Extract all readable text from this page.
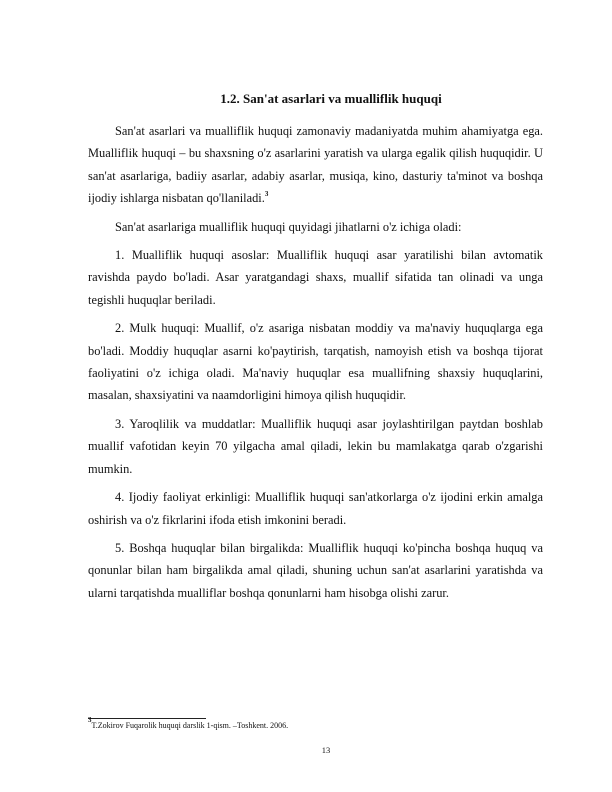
1.2. San'at asarlari va mualliflik huquqi

San'at asarlari va mualliflik huquqi zamonaviy madaniyatda muhim ahamiyatga ega. Mualliflik huquqi – bu shaxsning o'z asarlarini yaratish va ularga egalik qilish huquqidir. U san'at asarlariga, badiiy asarlar, adabiy asarlar, musiqa, kino, dasturiy ta'minot va boshqa ijodiy ishlarga nisbatan qo'llaniladi.$^3$

San'at asarlariga mualliflik huquqi quyidagi jihatlarni o'z ichiga oladi:

1. Mualliflik huquqi asoslar: Mualliflik huquqi asar yaratilishi bilan avtomatik ravishda paydo bo'ladi. Asar yaratgandagi shaxs, muallif sifatida tan olinadi va unga tegishli huquqlar beriladi.

2. Mulk huquqi: Muallif, o'z asariga nisbatan moddiy va ma'naviy huquqlarga ega bo'ladi. Moddiy huquqlar asarni ko'paytirish, tarqatish, namoyish etish va boshqa tijorat faoliyatini o'z ichiga oladi. Ma'naviy huquqlar esa muallifning shaxsiy huquqlarini, masalan, shaxsiyatini va naamdorligini himoya qilish huquqidir.

3. Yaroqlilik va muddatlar: Mualliflik huquqi asar joylashtirilgan paytdan boshlab muallif vafotidan keyin 70 yilgacha amal qiladi, lekin bu mamlakatga qarab o'zgarishi mumkin.

4. Ijodiy faoliyat erkinligi: Mualliflik huquqi san'atkorlarga o'z ijodini erkin amalga oshirish va o'z fikrlarini ifoda etish imkonini beradi.

5. Boshqa huquqlar bilan birgalikda: Mualliflik huquqi ko'pincha boshqa huquq va qonunlar bilan ham birgalikda amal qiladi, shuning uchun san'at asarlarini yaratishda va ularni tarqatishda mualliflar boshqa qonunlarni ham hisobga olishi zarur.

$^3$T.Zokirov Fuqarolik huquqi darslik 1-qism. –Toshkent. 2006.
13
